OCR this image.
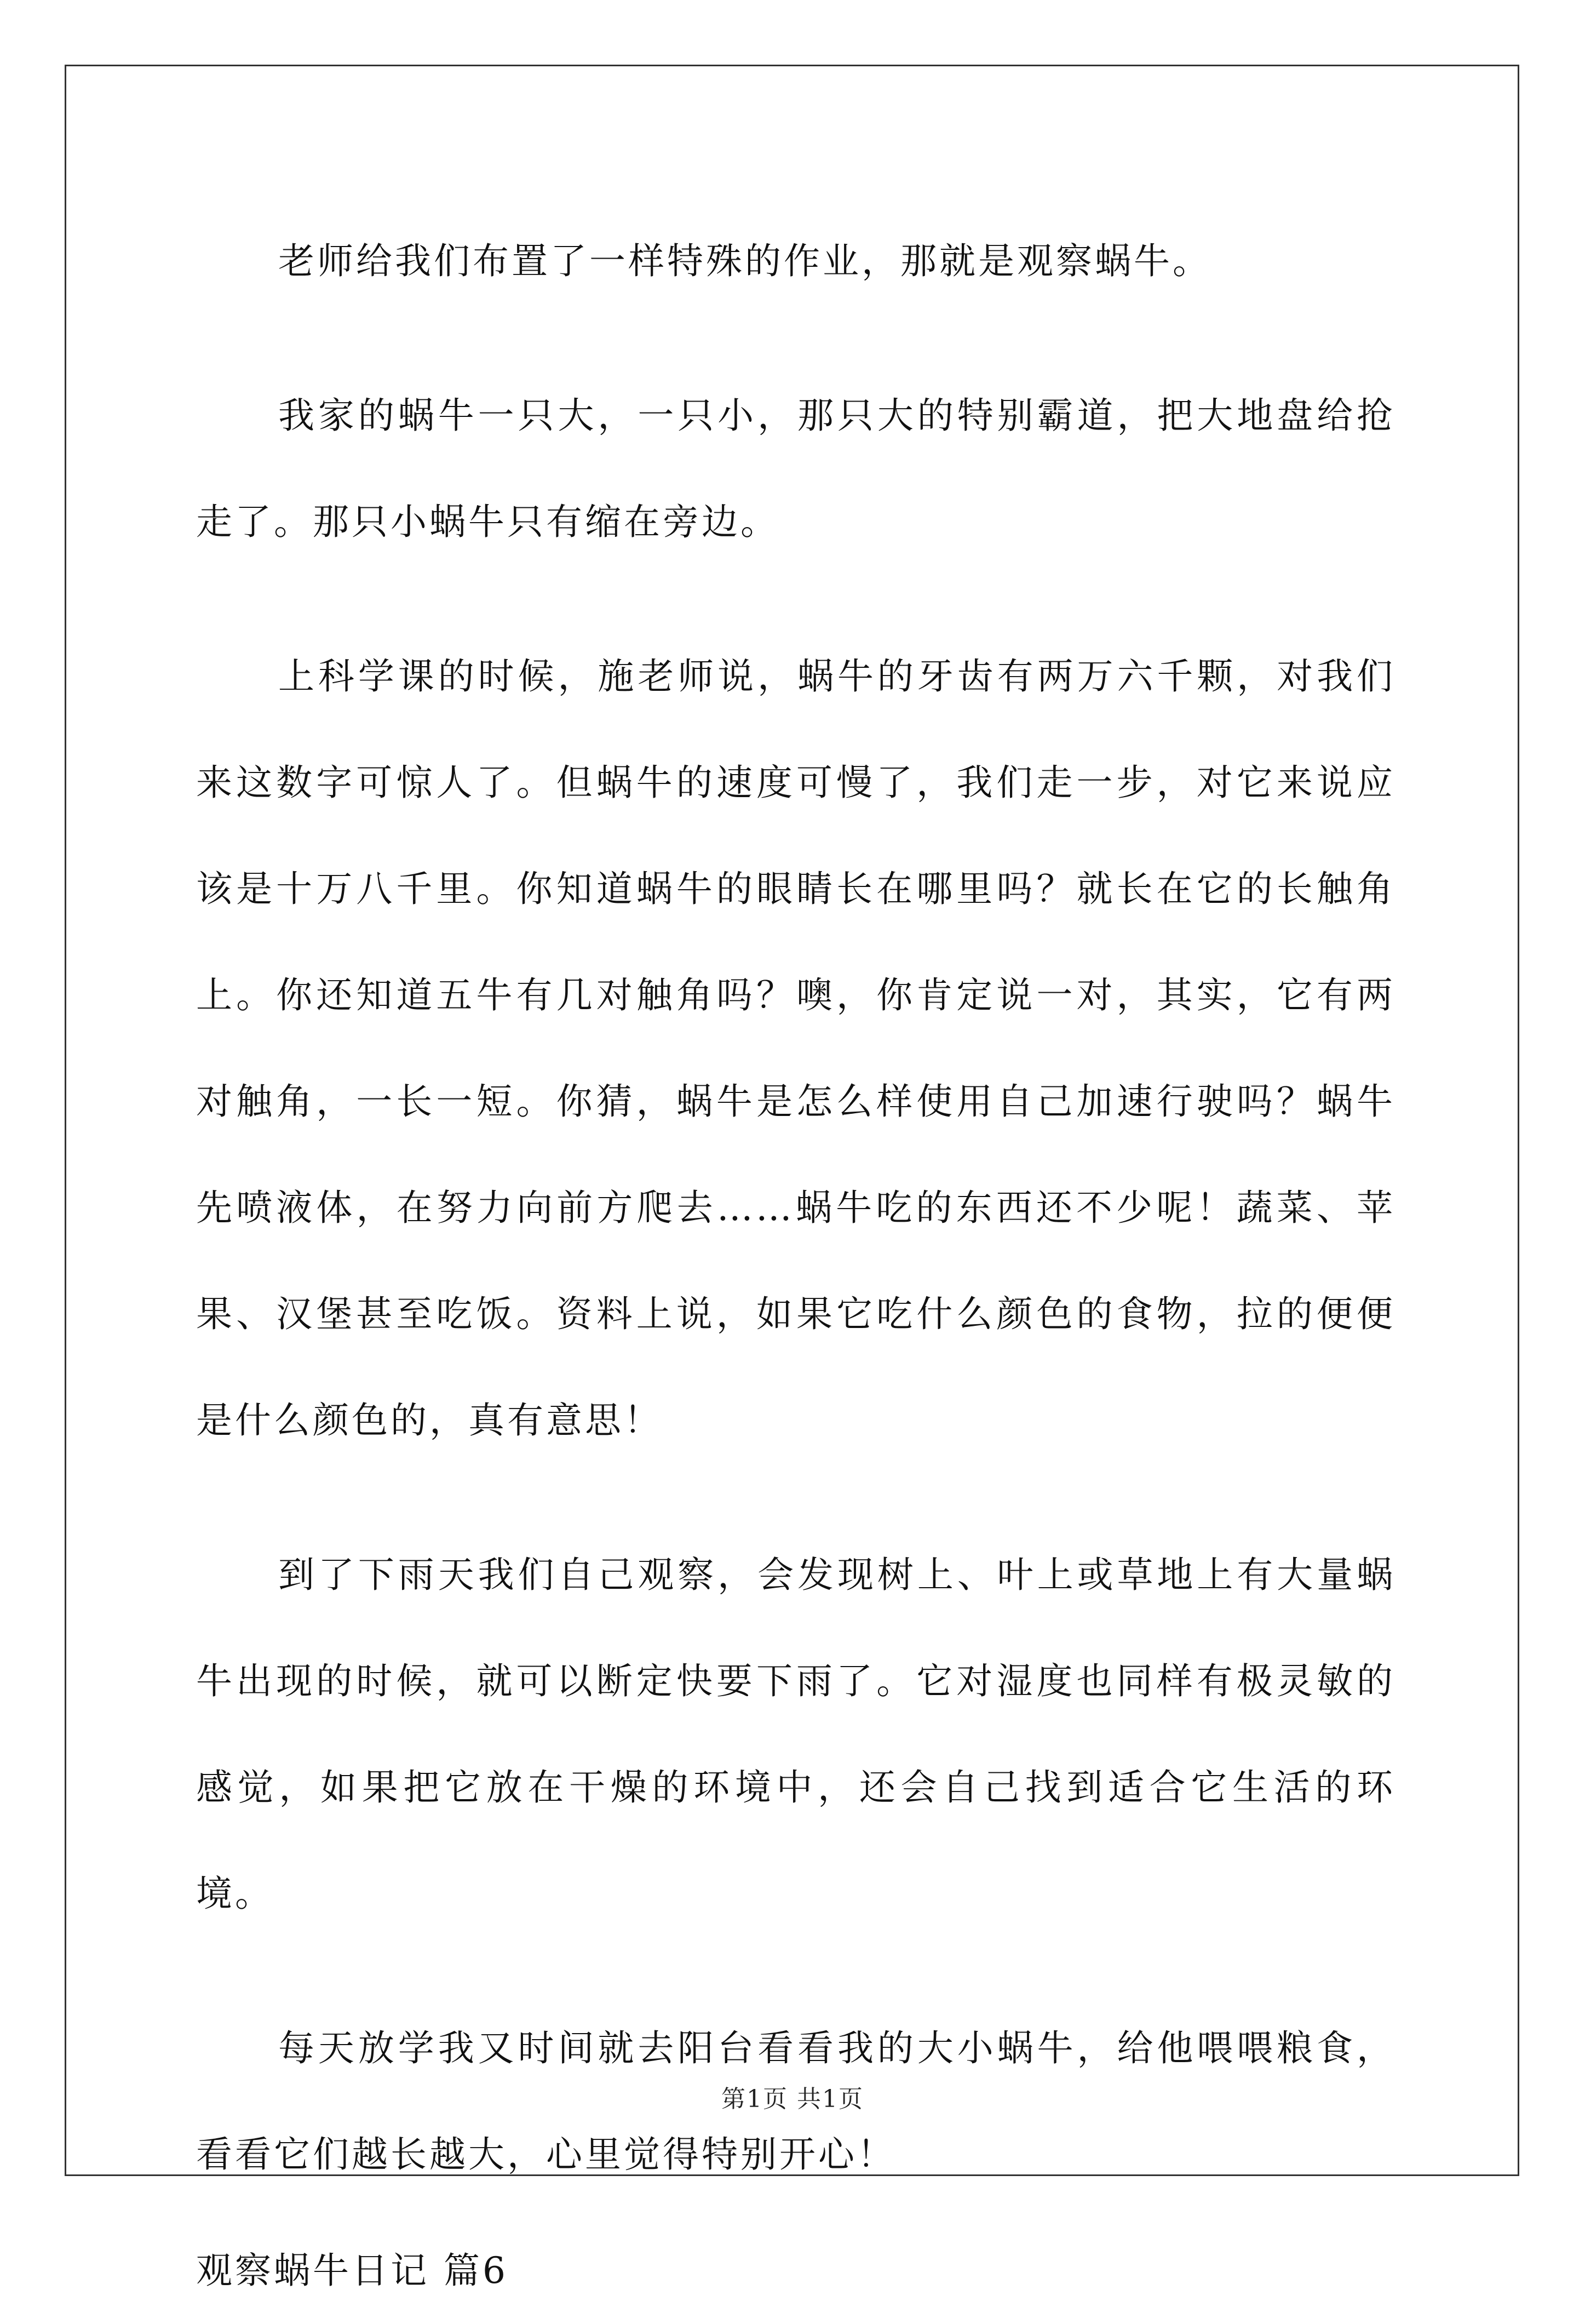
老师给我们布置了一样特殊的作业，那就是观察蜗牛。

我家的蜗牛一只大，一只小，那只大的特别霸道，把大地盘给抢走了。那只小蜗牛只有缩在旁边。

上科学课的时候，施老师说，蜗牛的牙齿有两万六千颗，对我们来这数字可惊人了。但蜗牛的速度可慢了，我们走一步，对它来说应该是十万八千里。你知道蜗牛的眼睛长在哪里吗？就长在它的长触角上。你还知道五牛有几对触角吗？噢，你肯定说一对，其实，它有两对触角，一长一短。你猜，蜗牛是怎么样使用自己加速行驶吗？蜗牛先喷液体，在努力向前方爬去……蜗牛吃的东西还不少呢！蔬菜、苹果、汉堡甚至吃饭。资料上说，如果它吃什么颜色的食物，拉的便便是什么颜色的，真有意思！

到了下雨天我们自己观察，会发现树上、叶上或草地上有大量蜗牛出现的时候，就可以断定快要下雨了。它对湿度也同样有极灵敏的感觉，如果把它放在干燥的环境中，还会自己找到适合它生活的环境。

每天放学我又时间就去阳台看看我的大小蜗牛，给他喂喂粮食，看看它们越长越大，心里觉得特别开心！

观察蜗牛日记 篇6
第1页 共1页
